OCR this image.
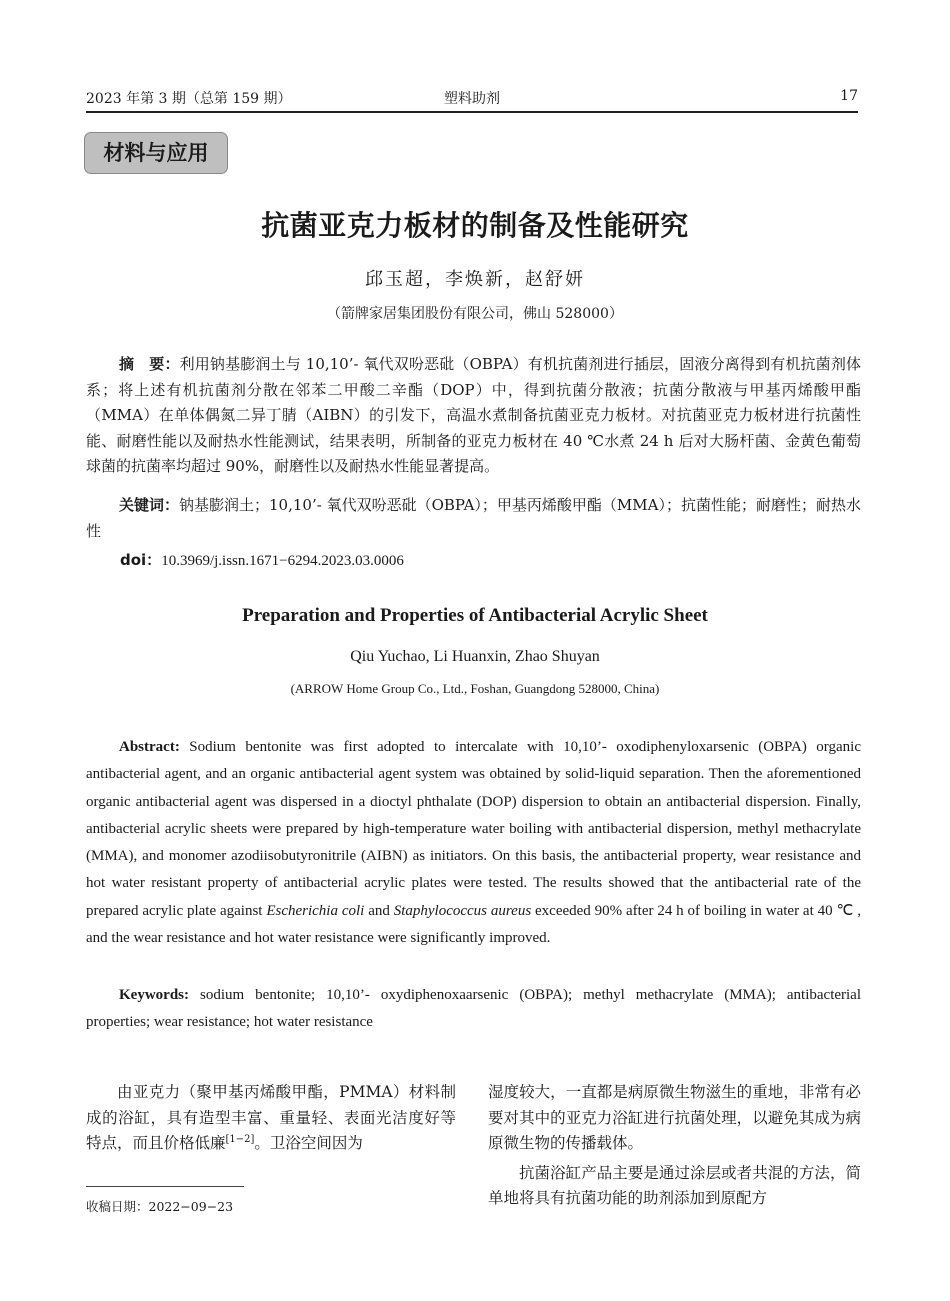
2023 年第 3 期（总第 159 期）	塑料助剂	17
材料与应用
抗菌亚克力板材的制备及性能研究
邱玉超，李焕新，赵舒妍
（箭牌家居集团股份有限公司，佛山 528000）

摘　要：利用钠基膨润土与 10,10’- 氧代双吩恶砒（OBPA）有机抗菌剂进行插层，固液分离得到有机抗菌剂体系；将上述有机抗菌剂分散在邻苯二甲酸二辛酯（DOP）中，得到抗菌分散液；抗菌分散液与甲基丙烯酸甲酯（MMA）在单体偶氮二异丁腈（AIBN）的引发下，高温水煮制备抗菌亚克力板材。对抗菌亚克力板材进行抗菌性能、耐磨性能以及耐热水性能测试，结果表明，所制备的亚克力板材在 40 ℃水煮 24 h 后对大肠杆菌、金黄色葡萄球菌的抗菌率均超过 90%，耐磨性以及耐热水性能显著提高。

关键词：钠基膨润土；10,10’- 氧代双吩恶砒（OBPA）；甲基丙烯酸甲酯（MMA）；抗菌性能；耐磨性；耐热水性
doi：10.3969/j.issn.1671−6294.2023.03.0006
Preparation and Properties of Antibacterial Acrylic Sheet
Qiu Yuchao, Li Huanxin, Zhao Shuyan
(ARROW Home Group Co., Ltd., Foshan, Guangdong 528000, China)
Abstract: Sodium bentonite was first adopted to intercalate with 10,10’- oxodiphenyloxarsenic (OBPA) organic antibacterial agent, and an organic antibacterial agent system was obtained by solid-liquid separation. Then the aforementioned organic antibacterial agent was dispersed in a dioctyl phthalate (DOP) dispersion to obtain an antibacterial dispersion. Finally, antibacterial acrylic sheets were prepared by high-temperature water boiling with antibacterial dispersion, methyl methacrylate (MMA), and monomer azodiisobutyronitrile (AIBN) as initiators. On this basis, the antibacterial property, wear resistance and hot water resistant property of antibacterial acrylic plates were tested. The results showed that the antibacterial rate of the prepared acrylic plate against Escherichia coli and Staphylococcus aureus exceeded 90% after 24 h of boiling in water at 40 ℃ , and the wear resistance and hot water resistance were significantly improved.
Keywords: sodium bentonite; 10,10’- oxydiphenoxaarsenic (OBPA); methyl methacrylate (MMA); antibacterial properties; wear resistance; hot water resistance

由亚克力（聚甲基丙烯酸甲酯，PMMA）材料制成的浴缸，具有造型丰富、重量轻、表面光洁度好等特点，而且价格低廉[1−2]。卫浴空间因为

湿度较大，一直都是病原微生物滋生的重地，非常有必要对其中的亚克力浴缸进行抗菌处理，以避免其成为病原微生物的传播载体。

抗菌浴缸产品主要是通过涂层或者共混的方法，简单地将具有抗菌功能的助剂添加到原配方

收稿日期：2022−09−23
